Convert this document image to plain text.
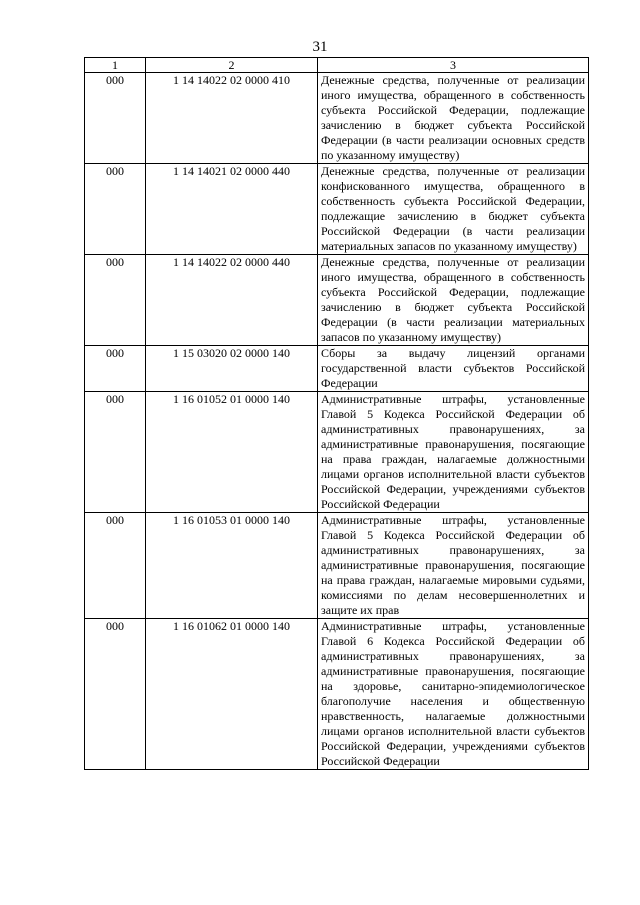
31
1	2	3
000	1 14 14022 02 0000 410	Денежные средства, полученные от реализации иного имущества, обращенного в собственность субъекта Российской Федерации, подлежащие зачислению в бюджет субъекта Российской Федерации (в части реализации основных средств по указанному имуществу)
000	1 14 14021 02 0000 440	Денежные средства, полученные от реализации конфискованного имущества, обращенного в собственность субъекта Российской Федерации, подлежащие зачислению в бюджет субъекта Российской Федерации (в части реализации материальных запасов по указанному имуществу)
000	1 14 14022 02 0000 440	Денежные средства, полученные от реализации иного имущества, обращенного в собственность субъекта Российской Федерации, подлежащие зачислению в бюджет субъекта Российской Федерации (в части реализации материальных запасов по указанному имуществу)
000	1 15 03020 02 0000 140	Сборы за выдачу лицензий органами государственной власти субъектов Российской Федерации
000	1 16 01052 01 0000 140	Административные штрафы, установленные Главой 5 Кодекса Российской Федерации об административных правонарушениях, за административные правонарушения, посягающие на права граждан, налагаемые должностными лицами органов исполнительной власти субъектов Российской Федерации, учреждениями субъектов Российской Федерации
000	1 16 01053 01 0000 140	Административные штрафы, установленные Главой 5 Кодекса Российской Федерации об административных правонарушениях, за административные правонарушения, посягающие на права граждан, налагаемые мировыми судьями, комиссиями по делам несовершеннолетних и защите их прав
000	1 16 01062 01 0000 140	Административные штрафы, установленные Главой 6 Кодекса Российской Федерации об административных правонарушениях, за административные правонарушения, посягающие на здоровье, санитарно-эпидемиологическое благополучие населения и общественную нравственность, налагаемые должностными лицами органов исполнительной власти субъектов Российской Федерации, учреждениями субъектов Российской Федерации
